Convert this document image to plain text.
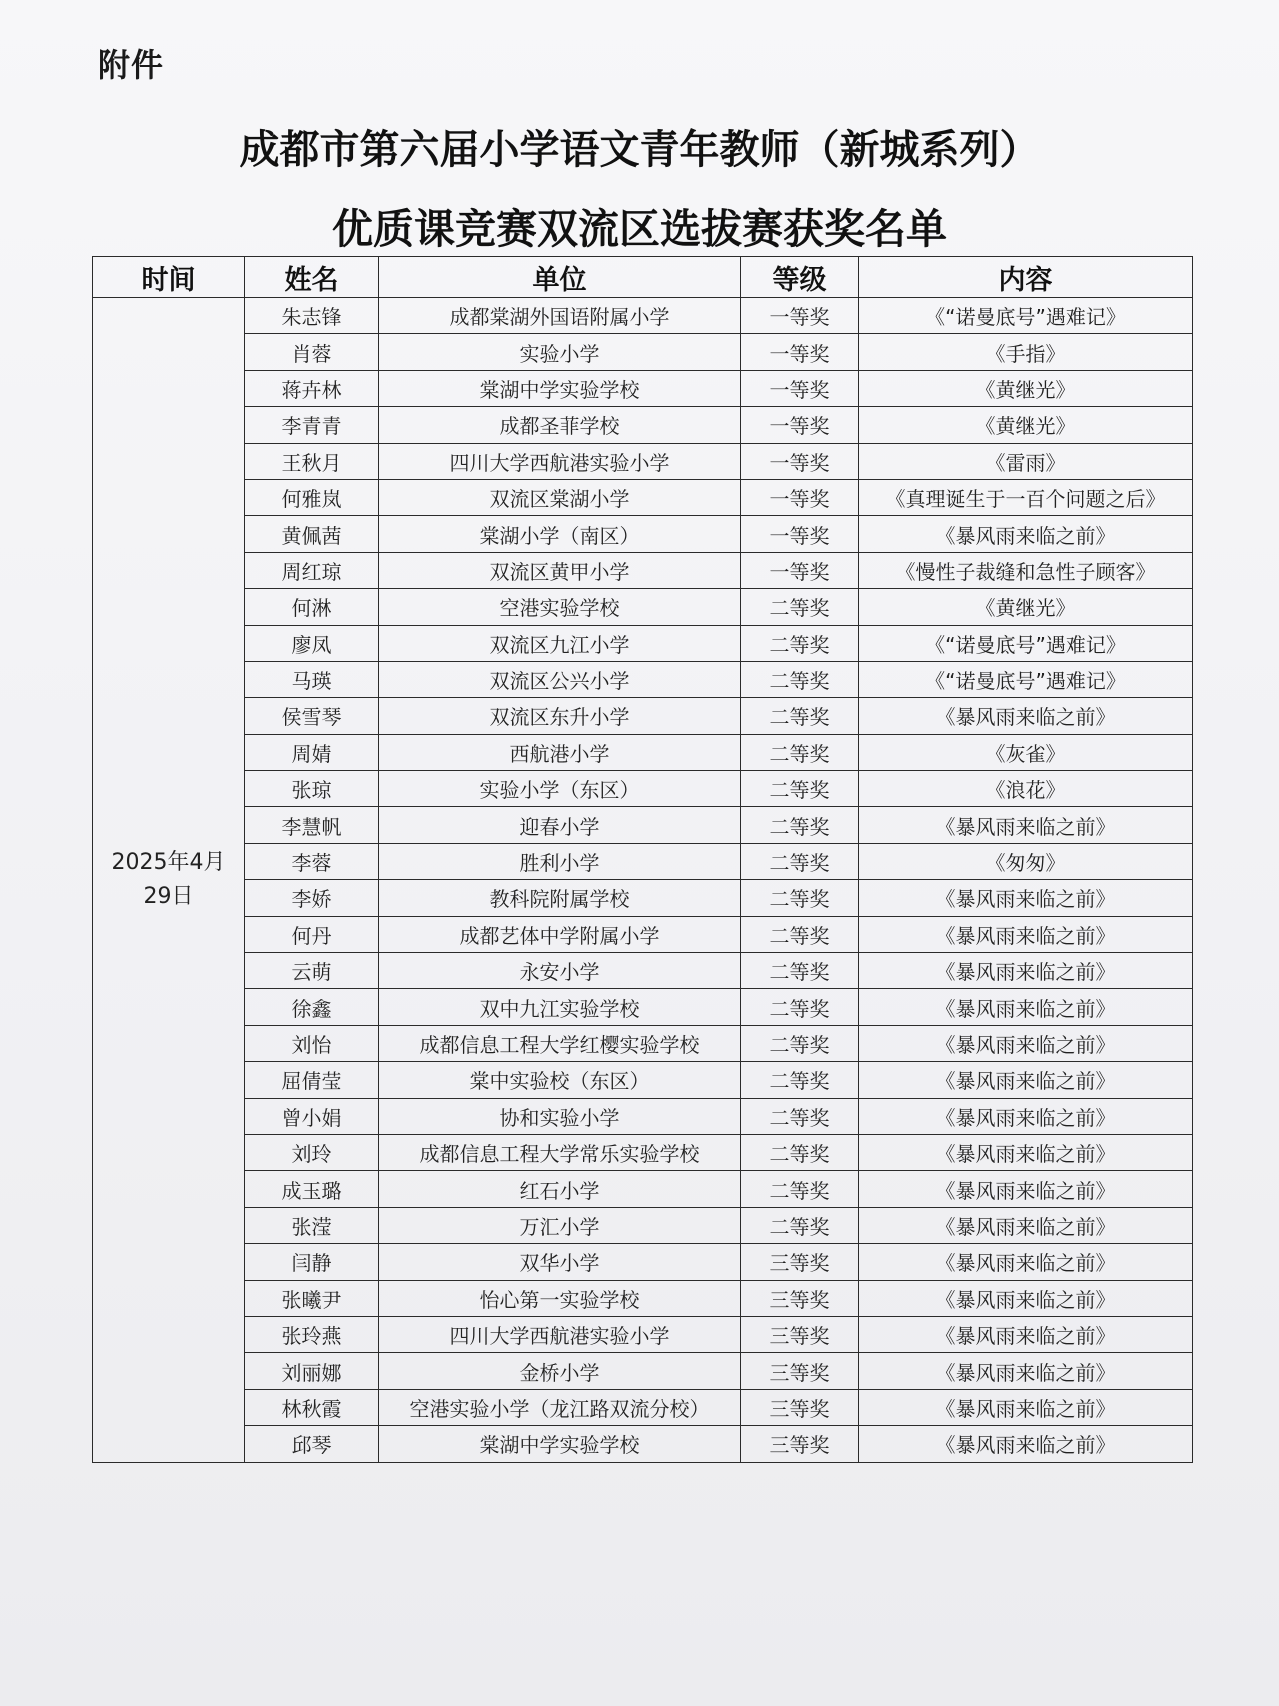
附件
成都市第六届小学语文青年教师（新城系列）
优质课竞赛双流区选拔赛获奖名单
时间	姓名	单位	等级	内容

2025年4月
29日	朱志锋	成都棠湖外国语附属小学	一等奖	《“诺曼底号”遇难记》
	肖蓉	实验小学	一等奖	《手指》
	蒋卉林	棠湖中学实验学校	一等奖	《黄继光》
	李青青	成都圣菲学校	一等奖	《黄继光》
	王秋月	四川大学西航港实验小学	一等奖	《雷雨》
	何雅岚	双流区棠湖小学	一等奖	《真理诞生于一百个问题之后》
	黄佩茜	棠湖小学（南区）	一等奖	《暴风雨来临之前》
	周红琼	双流区黄甲小学	一等奖	《慢性子裁缝和急性子顾客》
	何淋	空港实验学校	二等奖	《黄继光》
	廖凤	双流区九江小学	二等奖	《“诺曼底号”遇难记》
	马瑛	双流区公兴小学	二等奖	《“诺曼底号”遇难记》
	侯雪琴	双流区东升小学	二等奖	《暴风雨来临之前》
	周婧	西航港小学	二等奖	《灰雀》
	张琼	实验小学（东区）	二等奖	《浪花》
	李慧帆	迎春小学	二等奖	《暴风雨来临之前》
	李蓉	胜利小学	二等奖	《匆匆》
	李娇	教科院附属学校	二等奖	《暴风雨来临之前》
	何丹	成都艺体中学附属小学	二等奖	《暴风雨来临之前》
	云萌	永安小学	二等奖	《暴风雨来临之前》
	徐鑫	双中九江实验学校	二等奖	《暴风雨来临之前》
	刘怡	成都信息工程大学红樱实验学校	二等奖	《暴风雨来临之前》
	屈倩莹	棠中实验校（东区）	二等奖	《暴风雨来临之前》
	曾小娟	协和实验小学	二等奖	《暴风雨来临之前》
	刘玲	成都信息工程大学常乐实验学校	二等奖	《暴风雨来临之前》
	成玉璐	红石小学	二等奖	《暴风雨来临之前》
	张滢	万汇小学	二等奖	《暴风雨来临之前》
	闫静	双华小学	三等奖	《暴风雨来临之前》
	张曦尹	怡心第一实验学校	三等奖	《暴风雨来临之前》
	张玲燕	四川大学西航港实验小学	三等奖	《暴风雨来临之前》
	刘丽娜	金桥小学	三等奖	《暴风雨来临之前》
	林秋霞	空港实验小学（龙江路双流分校）	三等奖	《暴风雨来临之前》
	邱琴	棠湖中学实验学校	三等奖	《暴风雨来临之前》
